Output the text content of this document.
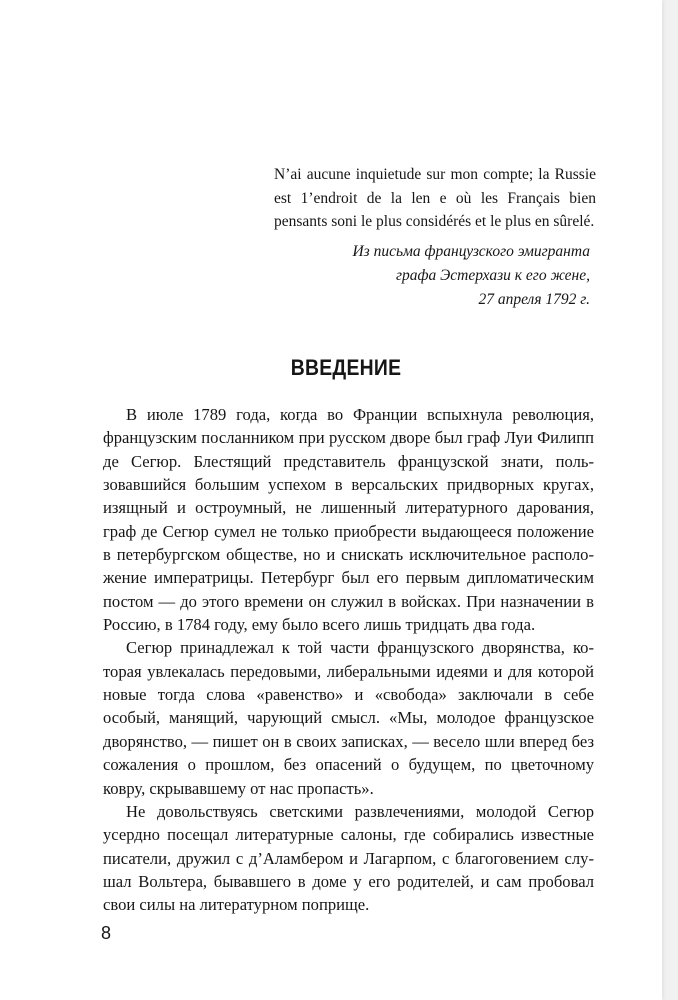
N’ai aucune inquietude sur mon compte; la Russie est 1’endroit de la len e où les Français bien pensants soni le plus considérés et le plus en sûrelé.

Из письма французского эмигранта
графа Эстерхази к его жене,
27 апреля 1792 г.

ВВЕДЕНИЕ

В июле 1789 года, когда во Франции вспыхнула революция, французским посланником при русском дворе был граф Луи Филипп де Сегюр. Блестящий представитель французской знати, пользовавшийся большим успехом в версальских придворных кругах, изящный и остроумный, не лишенный литературного дарования, граф де Сегюр сумел не только приобрести выдающееся положение в петербургском обществе, но и снискать исключительное расположение императрицы. Петербург был его первым дипломатическим постом — до этого времени он служил в войсках. При назначении в Россию, в 1784 году, ему было всего лишь тридцать два года.

Сегюр принадлежал к той части французского дворянства, которая увлекалась передовыми, либеральными идеями и для которой новые тогда слова «равенство» и «свобода» заключали в себе особый, манящий, чарующий смысл. «Мы, молодое французское дворянство, — пишет он в своих записках, — весело шли вперед без сожаления о прошлом, без опасений о будущем, по цветочному ковру, скрывавшему от нас пропасть».

Не довольствуясь светскими развлечениями, молодой Сегюр усердно посещал литературные салоны, где собирались известные писатели, дружил с д’Аламбером и Лагарпом, с благоговением слушал Вольтера, бывавшего в доме у его родителей, и сам пробовал свои силы на литературном поприще.

8
